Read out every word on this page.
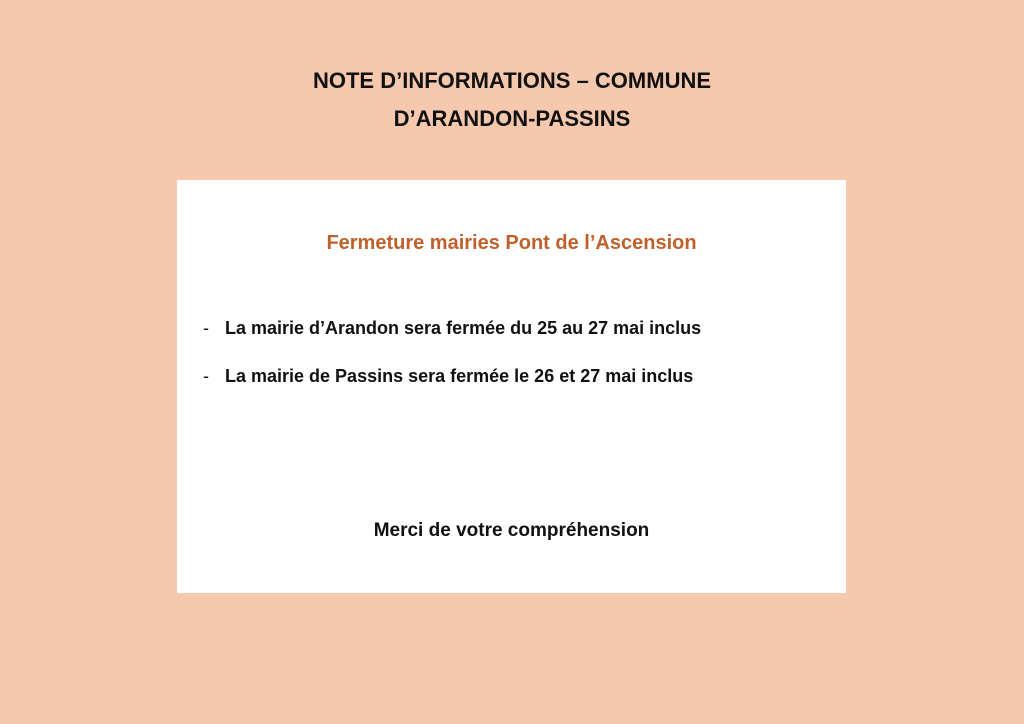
NOTE D’INFORMATIONS – COMMUNE
D’ARANDON-PASSINS
Fermeture mairies Pont de l’Ascension
- La mairie d’Arandon sera fermée du 25 au 27 mai inclus
- La mairie de Passins sera fermée le 26 et 27 mai inclus
Merci de votre compréhension
